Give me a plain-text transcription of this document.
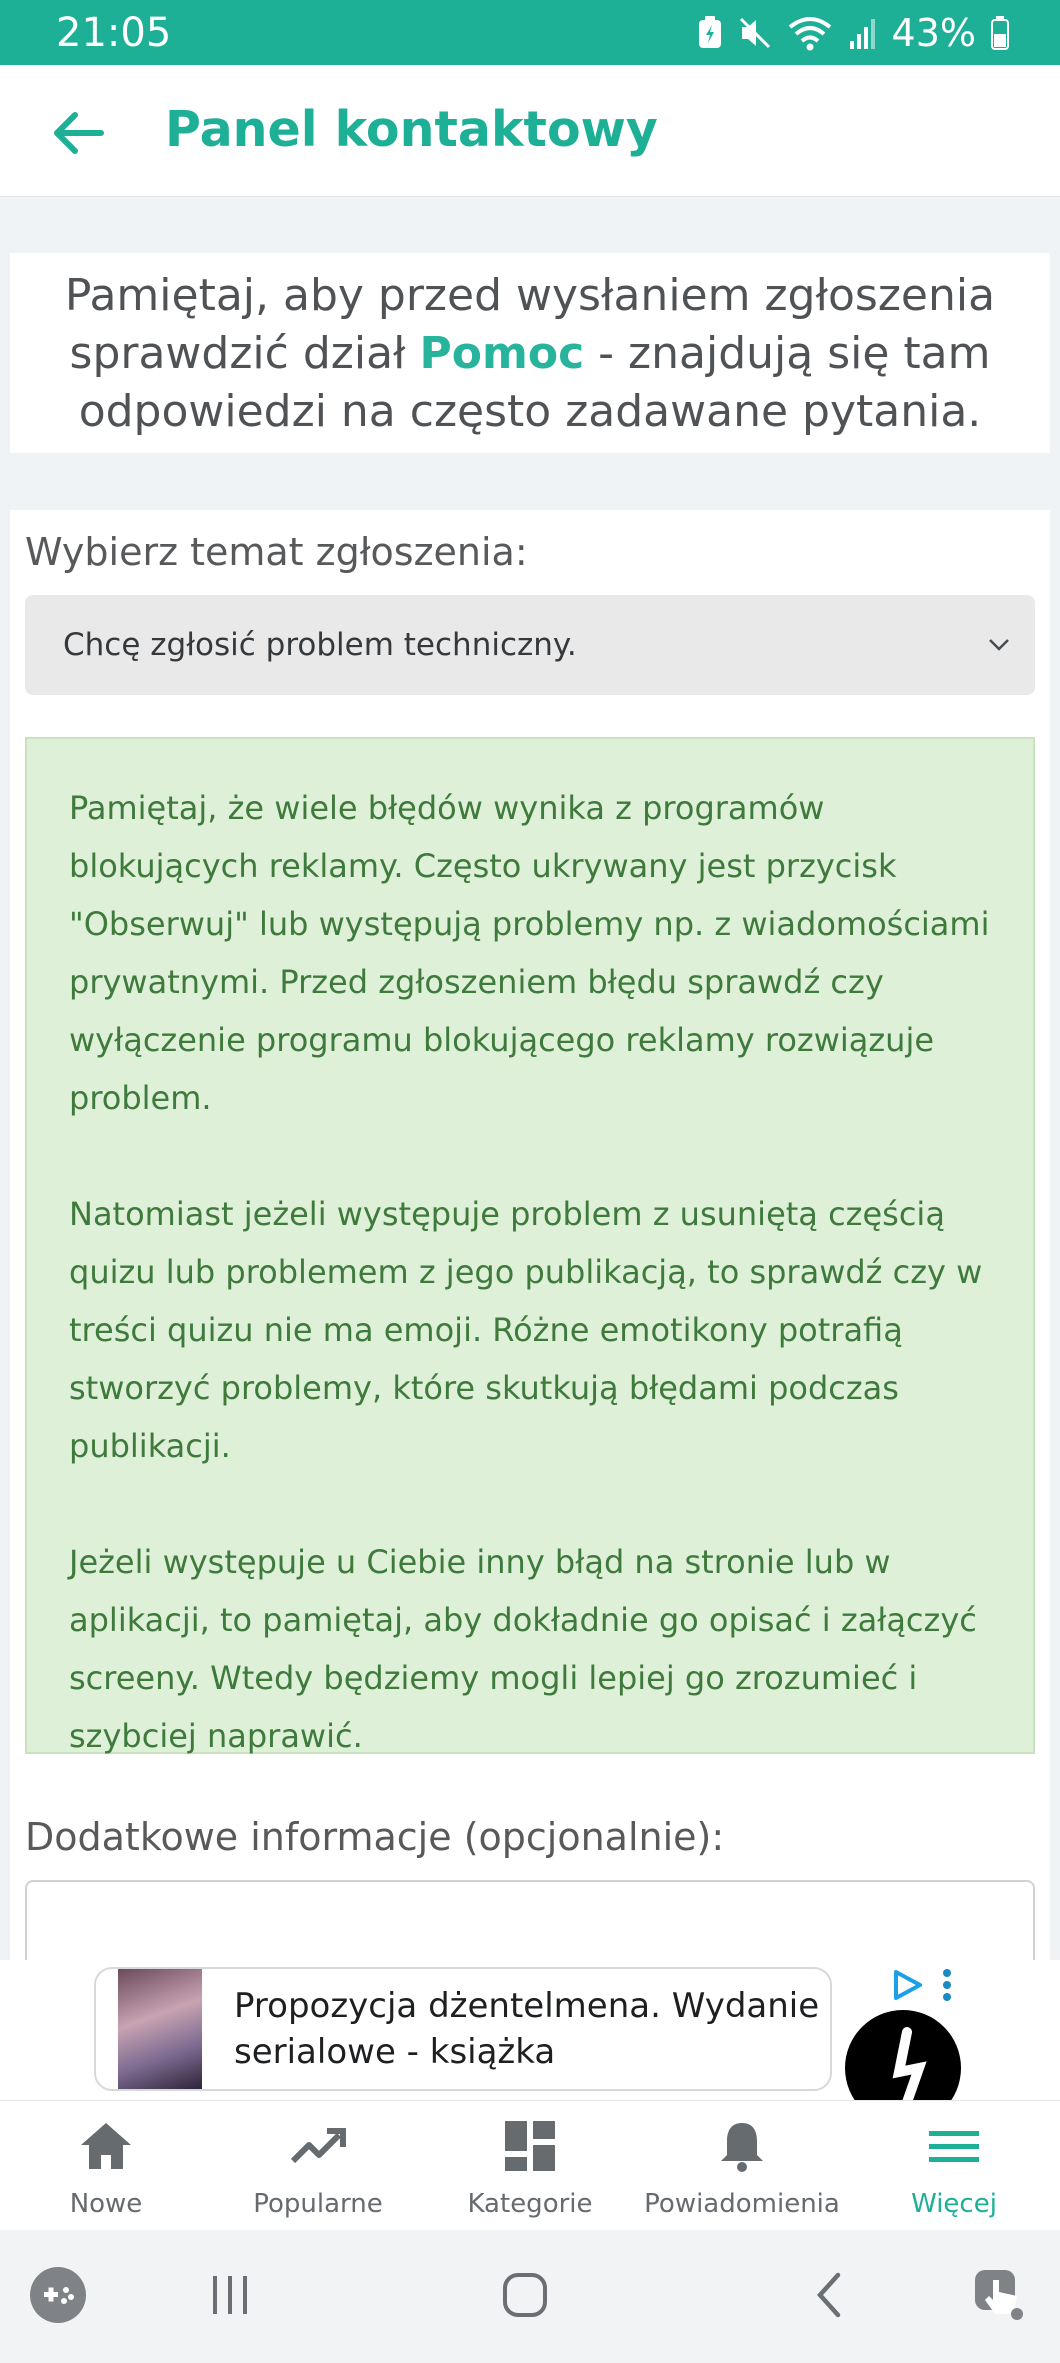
21:05	43%
Panel kontaktowy
Pamiętaj, aby przed wysłaniem zgłoszenia sprawdzić dział Pomoc - znajdują się tam odpowiedzi na często zadawane pytania.
Wybierz temat zgłoszenia:
Chcę zgłosić problem techniczny.

Pamiętaj, że wiele błędów wynika z programów blokujących reklamy. Często ukrywany jest przycisk "Obserwuj" lub występują problemy np. z wiadomościami prywatnymi. Przed zgłoszeniem błędu sprawdź czy wyłączenie programu blokującego reklamy rozwiązuje problem.

Natomiast jeżeli występuje problem z usuniętą częścią quizu lub problemem z jego publikacją, to sprawdź czy w treści quizu nie ma emoji. Różne emotikony potrafią stworzyć problemy, które skutkują błędami podczas publikacji.

Jeżeli występuje u Ciebie inny błąd na stronie lub w aplikacji, to pamiętaj, aby dokładnie go opisać i załączyć screeny. Wtedy będziemy mogli lepiej go zrozumieć i szybciej naprawić.

Dodatkowe informacje (opcjonalnie):
Propozycja dżentelmena. Wydanie serialowe - książka
Nowe	Popularne	Kategorie Powiadomienia	Więcej
